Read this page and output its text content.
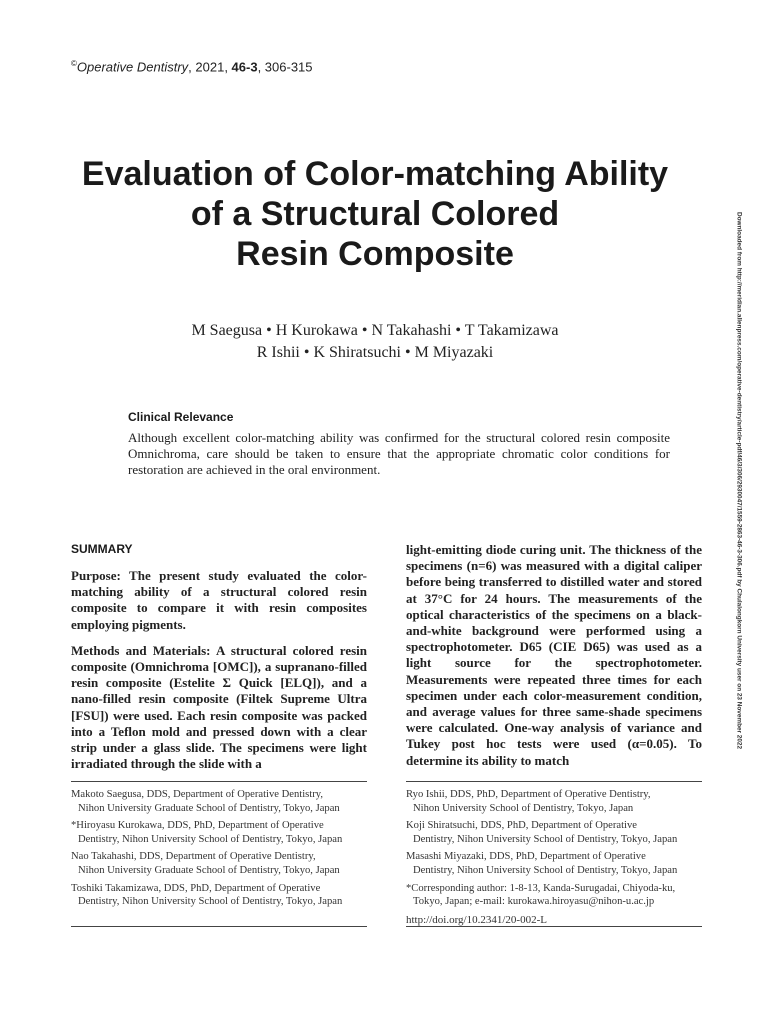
©Operative Dentistry, 2021, 46-3, 306-315
Evaluation of Color-matching Ability
of a Structural Colored
Resin Composite
M Saegusa • H Kurokawa • N Takahashi • T Takamizawa
R Ishii • K Shiratsuchi • M Miyazaki
Clinical Relevance
Although excellent color-matching ability was confirmed for the structural colored resin composite Omnichroma, care should be taken to ensure that the appropriate chromatic color conditions for restoration are achieved in the oral environment.
SUMMARY

Purpose: The present study evaluated the color-matching ability of a structural colored resin composite to compare it with resin composites employing pigments.

Methods and Materials: A structural colored resin composite (Omnichroma [OMC]), a supranano-filled resin composite (Estelite Σ Quick [ELQ]), and a nano-filled resin composite (Filtek Supreme Ultra [FSU]) were used. Each resin composite was packed into a Teflon mold and pressed down with a clear strip under a glass slide. The specimens were light irradiated through the slide with a

light-emitting diode curing unit. The thickness of the specimens (n=6) was measured with a digital caliper before being transferred to distilled water and stored at 37°C for 24 hours. The measurements of the optical characteristics of the specimens on a black-and-white background were performed using a spectrophotometer. D65 (CIE D65) was used as a light source for the spectrophotometer. Measurements were repeated three times for each specimen under each color-measurement condition, and average values for three same-shade specimens were calculated. One-way analysis of variance and Tukey post hoc tests were used (α=0.05). To determine its ability to match

Makoto Saegusa, DDS, Department of Operative Dentistry,
Nihon University Graduate School of Dentistry, Tokyo, Japan
*Hiroyasu Kurokawa, DDS, PhD, Department of Operative
Dentistry, Nihon University School of Dentistry, Tokyo, Japan
Nao Takahashi, DDS, Department of Operative Dentistry,
Nihon University Graduate School of Dentistry, Tokyo, Japan
Toshiki Takamizawa, DDS, PhD, Department of Operative
Dentistry, Nihon University School of Dentistry, Tokyo, Japan
Ryo Ishii, DDS, PhD, Department of Operative Dentistry,
Nihon University School of Dentistry, Tokyo, Japan
Koji Shiratsuchi, DDS, PhD, Department of Operative
Dentistry, Nihon University School of Dentistry, Tokyo, Japan
Masashi Miyazaki, DDS, PhD, Department of Operative
Dentistry, Nihon University School of Dentistry, Tokyo, Japan
*Corresponding author: 1-8-13, Kanda-Surugadai, Chiyoda-ku,
Tokyo, Japan; e-mail: kurokawa.hiroyasu@nihon-u.ac.jp
http://doi.org/10.2341/20-002-L
Downloaded from http://meridian.allenpress.com/operative-dentistry/article-pdf/46/3/306/2930047/1559-2863-46-3-306.pdf by Chulalongkorn University user on 23 November 2022
